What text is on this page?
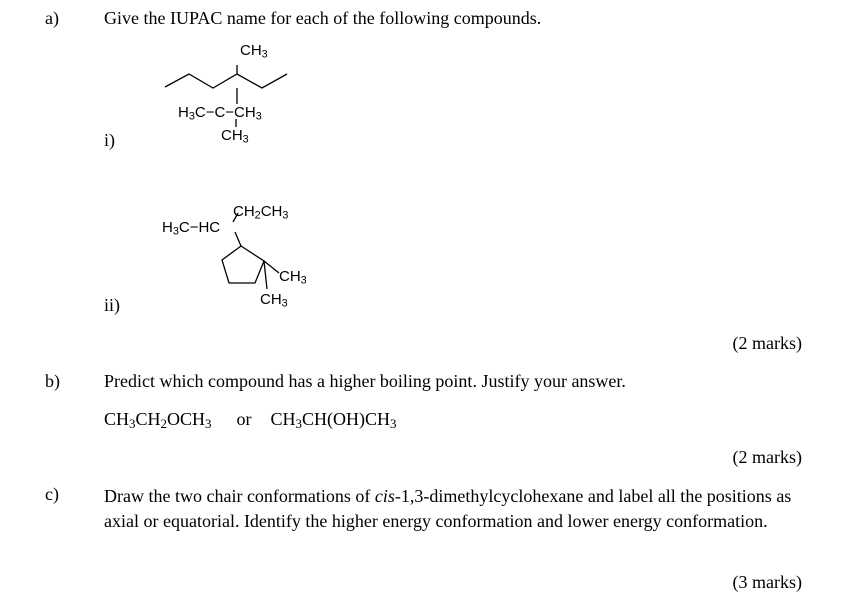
a)	Give the IUPAC name for each of the following compounds.
$CH_3$
$H_3C-C-CH_3$
$CH_3$
i)
$CH_2CH_3$
$H_3C-HC$
$CH_3$
$CH_3$
ii)
(2 marks)
b) Predict which compound has a higher boiling point. Justify your answer.
$CH_3CH_2OCH_3$ or $CH_3CH(OH)CH_3$
(2 marks)
c)	Draw the two chair conformations of cis-1,3-dimethylcyclohexane and label all the positions as axial or equatorial. Identify the higher energy conformation and lower energy conformation.
(3 marks)
